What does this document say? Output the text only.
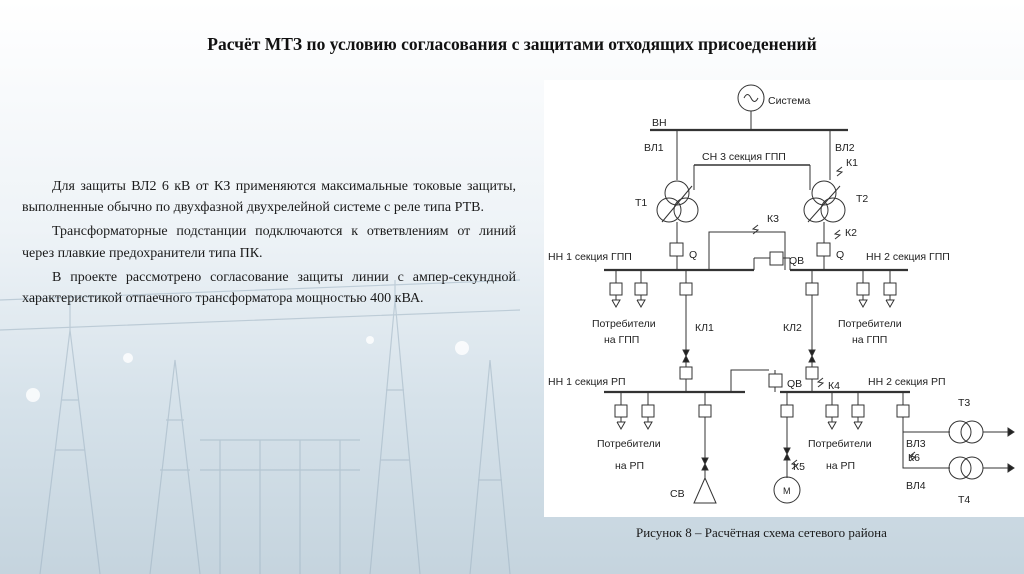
Расчёт МТЗ по условию согласования с защитами отходящих присоеденений

Для защиты ВЛ2 6 кВ от КЗ применяются максимальные токовые защиты, выполненные обычно по двухфазной двухрелейной системе с реле типа РТВ.

Трансформаторные подстанции подключаются к ответвлениям от линий через плавкие предохранители типа ПК.

В проекте рассмотрено согласование защиты линии с ампер-секундной характеристикой отпаечного трансформатора мощностью 400 кВА.

Система
ВН
ВЛ1	ВЛ2
СН 3 секция ГПП	К1
Т1	Т2
К3
К2
НН 1 секция ГПП	Q	QВ	Q НН 2 секция ГПП
Потребители
на ГПП
КЛ1	КЛ2	Потребители
на ГПП
НН 1 секция РП	QВ К4	НН 2 секция РП
Потребители
на РП
Потребители
на РП
ВЛ3
К6
ВЛ4
Т3
Т4
К5
СВ	М
Рисунок 8 – Расчётная схема сетевого района
